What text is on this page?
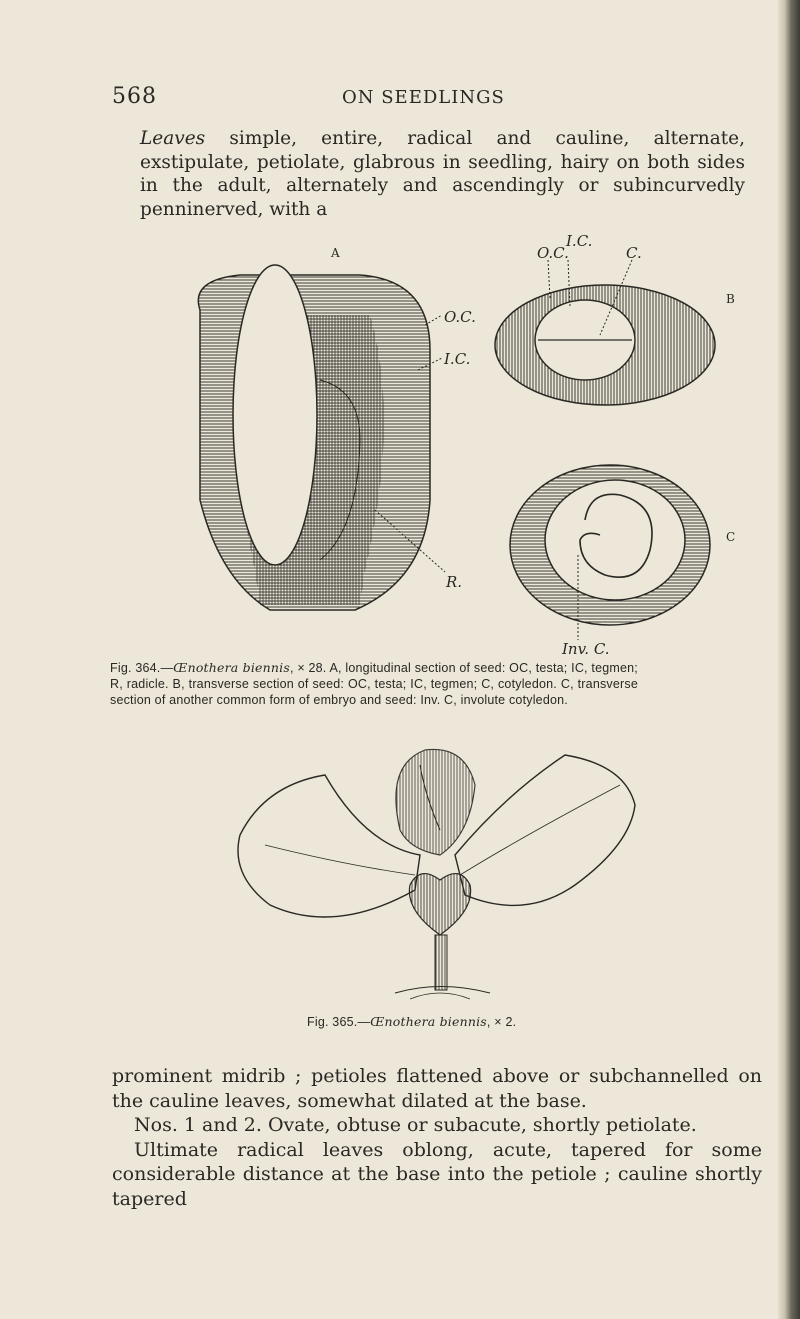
568	ON SEEDLINGS
Leaves simple, entire, radical and cauline, alternate, exstipulate, petiolate, glabrous in seedling, hairy on both sides in the adult, alternately and ascendingly or subincurvedly penninerved, with a
A
B
C
O.C.
I.C.
R.
O.C.
I.C.
C.
Inv. C.
Fig. 364.—Œnothera biennis, × 28. A, longitudinal section of seed: OC, testa; IC, tegmen; R, radicle. B, transverse section of seed: OC, testa; IC, tegmen; C, cotyledon. C, transverse section of another common form of embryo and seed: Inv. C, involute cotyledon.
Fig. 365.—Œnothera biennis, × 2.
prominent midrib ; petioles flattened above or subchannelled on the cauline leaves, somewhat dilated at the base.
Nos. 1 and 2. Ovate, obtuse or subacute, shortly petiolate.
Ultimate radical leaves oblong, acute, tapered for some considerable distance at the base into the petiole ; cauline shortly tapered
